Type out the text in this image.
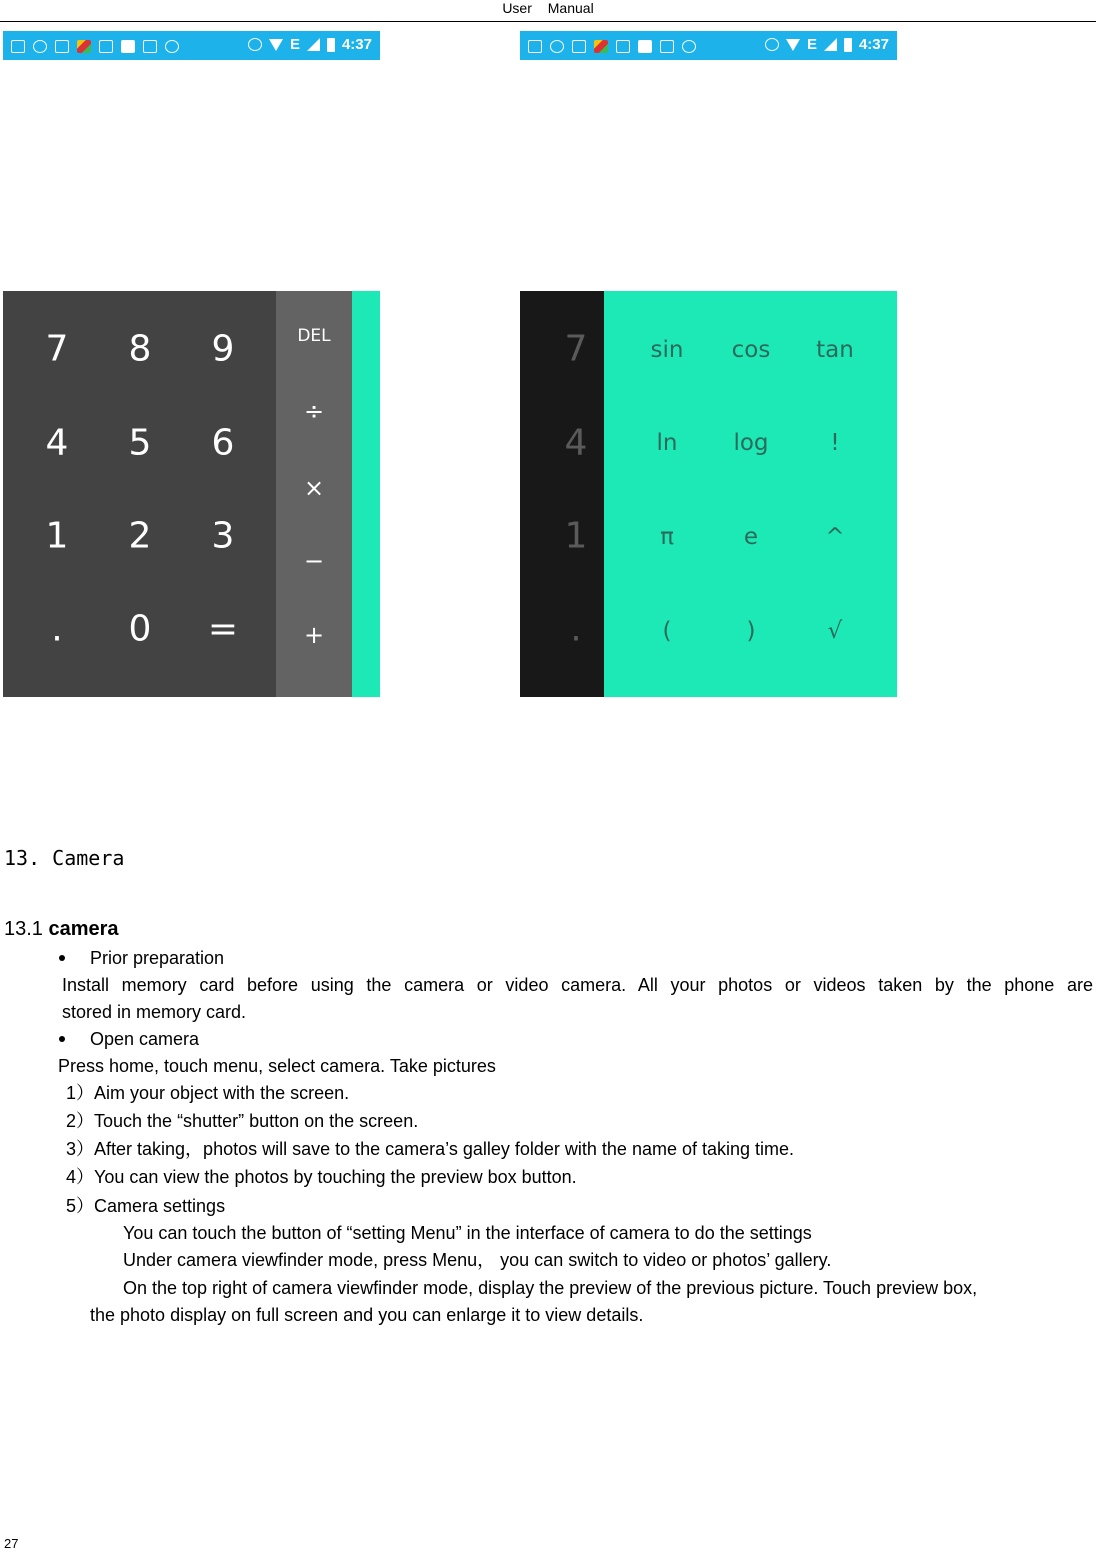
User Manual
E	4:37
7 8 9
4 5 6
1 2 3
. 0 =
DEL
÷
×
−
+
E	4:37
7
4
1
.
sin cos tan
ln log	!
π	e	^
(	)	√
13. Camera
13.1 camera
Prior preparation
Install memory card before using the camera or video camera. All your photos or videos taken by the phone are
stored in memory card.
Open camera
Press home, touch menu, select camera. Take pictures
1）Aim your object with the screen.
2）Touch the “shutter” button on the screen.
3）After taking，photos will save to the camera’s galley folder with the name of taking time.
4）You can view the photos by touching the preview box button.
5）Camera settings
You can touch the button of “setting Menu” in the interface of camera to do the settings
Under camera viewfinder mode, press Menu， you can switch to video or photos’ gallery.
On the top right of camera viewfinder mode, display the preview of the previous picture. Touch preview box,
the photo display on full screen and you can enlarge it to view details.
27
